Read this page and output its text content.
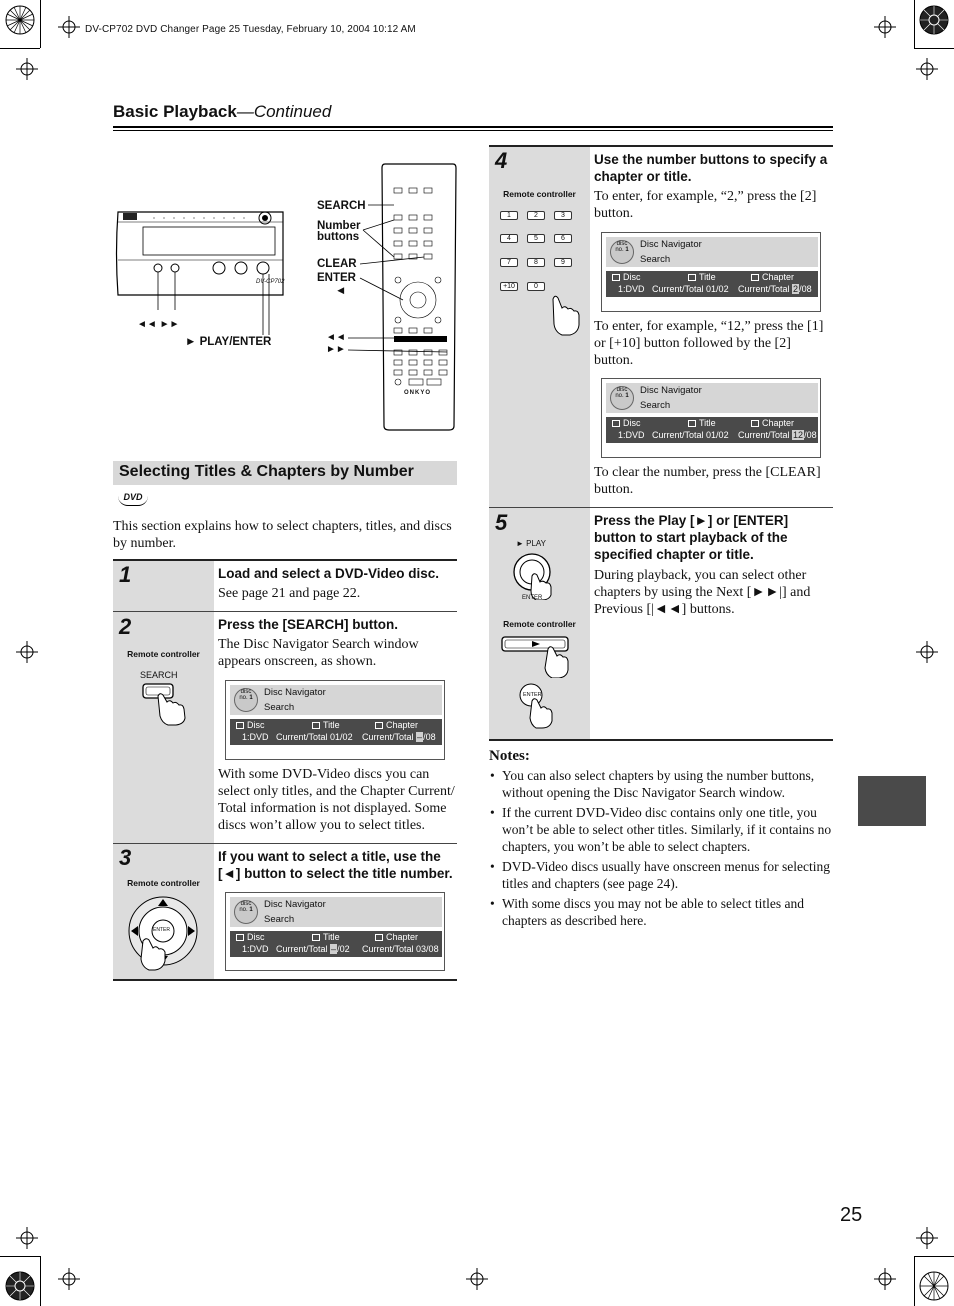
DV-CP702 DVD Changer Page 25 Tuesday, February 10, 2004 10:12 AM
Basic Playback—Continued
SEARCH
Number
buttons
CLEAR
ENTER
◄
◄◄ ►►
► PLAY/ENTER	◄◄
►►
DV-CP702
ONKYO
Selecting Titles & Chapters by Number
DVD
This section explains how to select chapters, titles, and discs by number.
1	Load and select a DVD-Video disc.
See page 21 and page 22.
2
Remote controller
SEARCH
Press the [SEARCH] button.
The Disc Navigator Search window appears onscreen, as shown.
disc
no. 1	Disc Navigator
Search
Disc	Title	Chapter
1:DVD Current/Total 01/02 Current/Total –/08
With some DVD-Video discs you can select only titles, and the Chapter Current/ Total information is not displayed. Some discs won’t allow you to select titles.
3
Remote controller
ENTER
If you want to select a title, use the [◄] button to select the title number.
disc
no. 1	Disc Navigator
Search
Disc	Title	Chapter
1:DVD Current/Total –/02 Current/Total 03/08
4
Remote controller
1	2	3
4	5	6
7	8	9
+10	0
Use the number buttons to specify a chapter or title.
To enter, for example, “2,” press the [2] button.
disc
no. 1	Disc Navigator
Search
Disc	Title	Chapter
1:DVD Current/Total 01/02 Current/Total 2/08
To enter, for example, “12,” press the [1] or [+10] button followed by the [2] button.
disc
no. 1	Disc Navigator
Search
Disc	Title	Chapter
1:DVD Current/Total 01/02 Current/Total 12/08
To clear the number, press the [CLEAR] button.
5
► PLAY
ENTER
Remote controller
ENTER
Press the Play [►] or [ENTER] button to start playback of the specified chapter or title.
During playback, you can select other chapters by using the Next [►►|] and Previous [|◄◄] buttons.
Notes:
• You can also select chapters by using the number buttons, without opening the Disc Navigator Search window.
• If the current DVD-Video disc contains only one title, you won’t be able to select other titles. Similarly, if it contains no chapters, you won’t be able to select chapters.
• DVD-Video discs usually have onscreen menus for selecting titles and chapters (see page 24).
• With some discs you may not be able to select titles and chapters as described here.
25
